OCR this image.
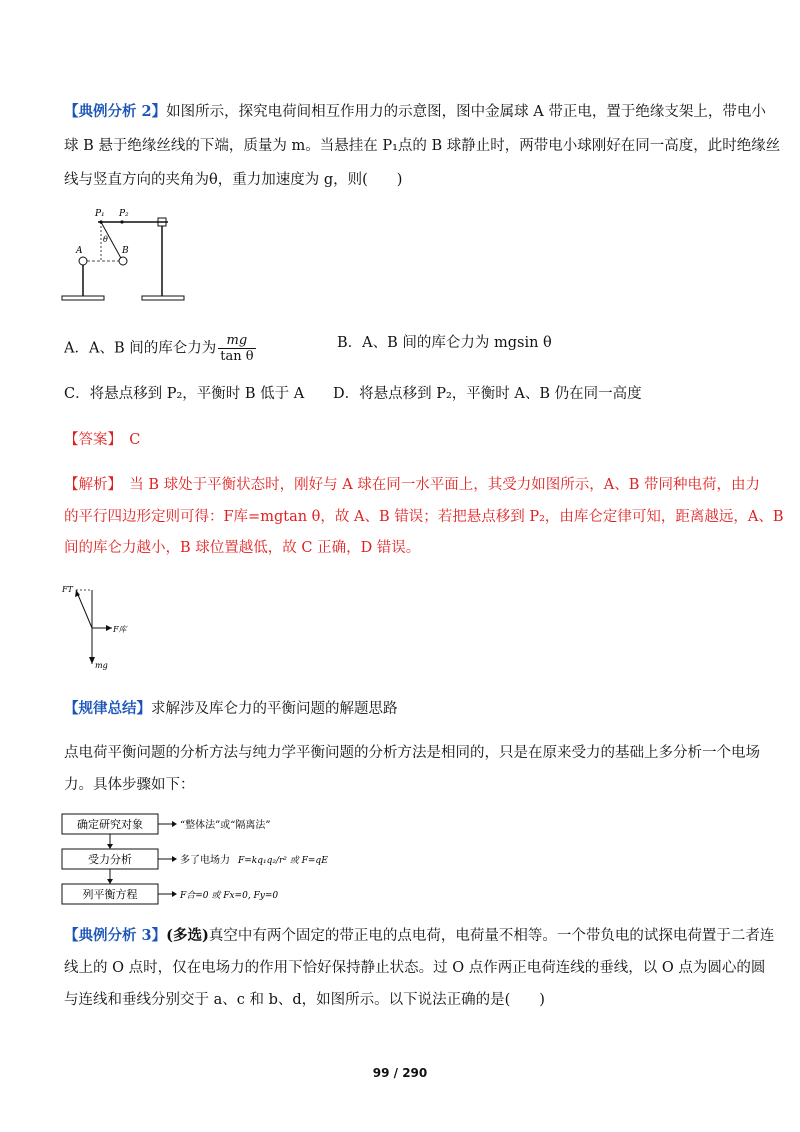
【典例分析 2】如图所示，探究电荷间相互作用力的示意图，图中金属球 A 带正电，置于绝缘支架上，带电小
球 B 悬于绝缘丝线的下端，质量为 m。当悬挂在 P₁点的 B 球静止时，两带电小球刚好在同一高度，此时绝缘丝
线与竖直方向的夹角为θ，重力加速度为 g，则(　　)
P₁ P₂
A	B
θ
A．A、B 间的库仑力为 $\frac{mg}{\text{tan θ}}$	B．A、B 间的库仑力为 mgsin θ
C．将悬点移到 P₂，平衡时 B 低于 A D．将悬点移到 P₂，平衡时 A、B 仍在同一高度
【答案】　 C
【解析】　 当 B 球处于平衡状态时，刚好与 A 球在同一水平面上，其受力如图所示，A、B 带同种电荷，由力
的平行四边形定则可得：F库=mgtan θ，故 A、B 错误；若把悬点移到 P₂，由库仑定律可知，距离越远，A、B
间的库仑力越小，B 球位置越低，故 C 正确，D 错误。
FT
F库
mg
【规律总结】求解涉及库仑力的平衡问题的解题思路
点电荷平衡问题的分析方法与纯力学平衡问题的分析方法是相同的，只是在原来受力的基础上多分析一个电场
力。具体步骤如下：
确定研究对象
受力分析
列平衡方程
“整体法”或“隔离法”
多了电场力 F=kq₁q₂/r² 或 F=qE
F合=0 或 Fx=0, Fy=0
【典例分析 3】(多选)真空中有两个固定的带正电的点电荷，电荷量不相等。一个带负电的试探电荷置于二者连
线上的 O 点时，仅在电场力的作用下恰好保持静止状态。过 O 点作两正电荷连线的垂线，以 O 点为圆心的圆
与连线和垂线分别交于 a、c 和 b、d，如图所示。以下说法正确的是(　　)
99 / 290
